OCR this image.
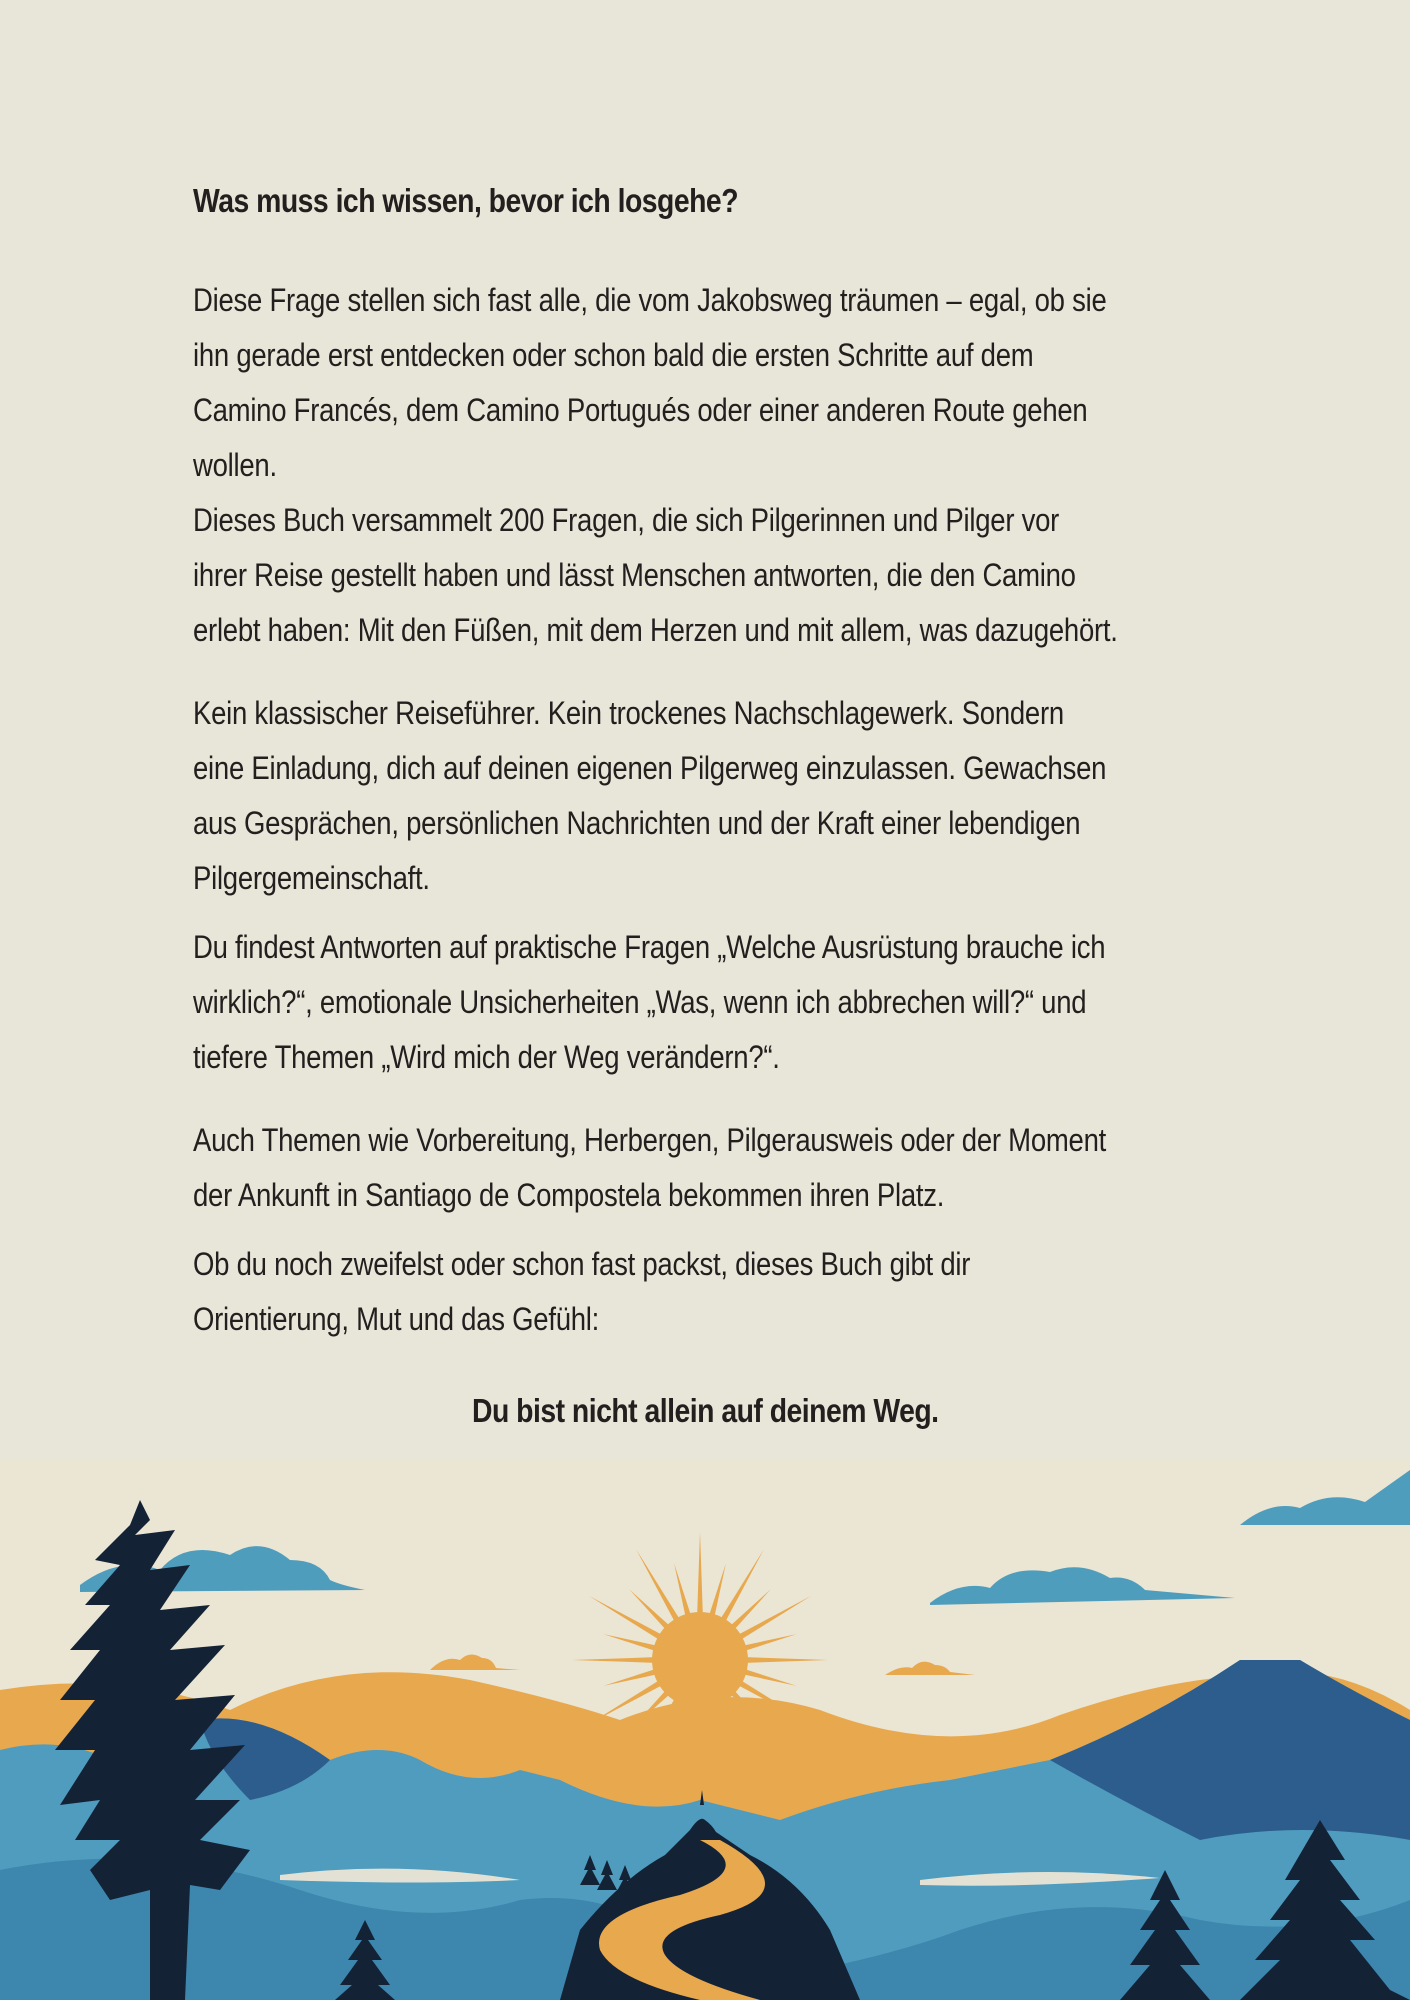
Was muss ich wissen, bevor ich losgehe?
Diese Frage stellen sich fast alle, die vom Jakobsweg träumen – egal, ob sie
ihn gerade erst entdecken oder schon bald die ersten Schritte auf dem
Camino Francés, dem Camino Portugués oder einer anderen Route gehen
wollen.
Dieses Buch versammelt 200 Fragen, die sich Pilgerinnen und Pilger vor
ihrer Reise gestellt haben und lässt Menschen antworten, die den Camino
erlebt haben: Mit den Füßen, mit dem Herzen und mit allem, was dazugehört.
Kein klassischer Reiseführer. Kein trockenes Nachschlagewerk. Sondern
eine Einladung, dich auf deinen eigenen Pilgerweg einzulassen. Gewachsen
aus Gesprächen, persönlichen Nachrichten und der Kraft einer lebendigen
Pilgergemeinschaft.
Du findest Antworten auf praktische Fragen „Welche Ausrüstung brauche ich
wirklich?“, emotionale Unsicherheiten „Was, wenn ich abbrechen will?“ und
tiefere Themen „Wird mich der Weg verändern?“.
Auch Themen wie Vorbereitung, Herbergen, Pilgerausweis oder der Moment
der Ankunft in Santiago de Compostela bekommen ihren Platz.
Ob du noch zweifelst oder schon fast packst, dieses Buch gibt dir
Orientierung, Mut und das Gefühl:
Du bist nicht allein auf deinem Weg.
